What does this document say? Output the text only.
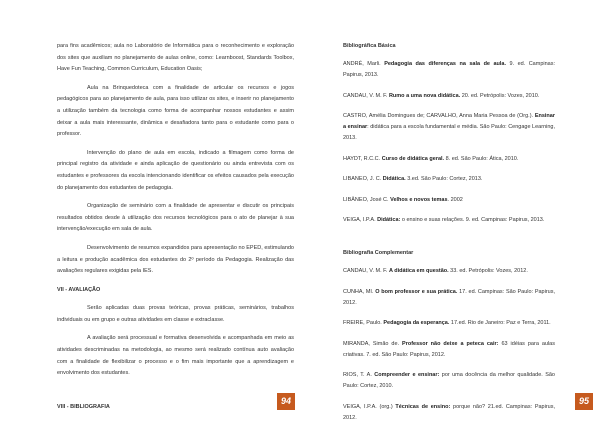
para fins acadêmicos; aula no Laboratório de Informática para o reconhecimento e exploração dos sites que auxiliam no planejamento de aulas online, como: Learnboost, Standards Toolbox, Have Fun Teaching, Common Curriculum, Education Oasis;

Aula na Brinquedoteca com a finalidade de articular os recursos e jogos pedagógicos para ao planejamento de aula, para isso utilizar os sites, e inserir no planejamento a utilização também da tecnologia como forma de acompanhar nossos estudantes e assim deixar a aula mais interessante, dinâmica e desafiadora tanto para o estudante como para o professor.

Intervenção do plano de aula em escola, indicado a filmagem como forma de principal registro da atividade e ainda aplicação de questionário ou ainda entrevista com os estudantes e professores da escola intencionando identificar os efeitos causados pela execução do planejamento dos estudantes de pedagogia.

Organização de seminário com a finalidade de apresentar e discutir os principais resultados obtidos desde à utilização dos recursos tecnológicos para o ato de planejar à sua intervenção/execução em sala de aula.

Desenvolvimento de resumos expandidos para apresentação no EPED, estimulando a leitura e produção acadêmica dos estudantes do 2º período da Pedagogia. Realização das avaliações regulares exigidas pela IES.

VII - AVALIAÇÃO

Serão aplicadas duas provas teóricas, provas práticas, seminários, trabalhos individuais ou em grupo e outras atividades em classe e extraclasse.

A avaliação será processual e formativa desenvolvida e acompanhada em meio as atividades descriminadas na metodologia, ao mesmo será realizado contínua auto avaliação com a finalidade de flexibilizar o processo e o fim mais importante que a aprendizagem e envolvimento dos estudantes.

VIII - BIBLIOGRAFIA
94
Bibliográfica Básica

ANDRÉ, Marli. Pedagogia das diferenças na sala de aula. 9. ed. Campinas: Papirus, 2013.

CANDAU, V. M. F. Rumo a uma nova didática. 20. ed. Petrópolis: Vozes, 2010.

CASTRO, Amélia Domingues de; CARVALHO, Anna Maria Pessoa de (Org.). Ensinar a ensinar: didática para a escola fundamental e média. São Paulo: Cengage Learning, 2013.

HAYDT, R.C.C. Curso de didática geral. 8. ed. São Paulo: Ática, 2010.

LIBANEO, J. C. Didática. 3.ed. São Paulo: Cortez, 2013.

LIBÂNEO, José C. Velhos e novos temas. 2002

VEIGA, I.P.A. Didática: o ensino e suas relações. 9. ed. Campinas: Papirus, 2013.

Bibliografia Complementar

CANDAU, V. M. F. A didática em questão. 33. ed. Petrópolis: Vozes, 2012.

CUNHA, MI. O bom professor e sua prática. 17. ed. Campinas: São Paulo: Papirus, 2012.

FREIRE, Paulo. Pedagogia da esperança. 17.ed. Rio de Janeiro: Paz e Terra, 2011.

MIRANDA, Simão de. Professor não deixe a peteca cair: 63 idéias para aulas criativas. 7. ed. São Paulo: Papirus, 2012.

RIOS, T. A. Compreender e ensinar: por uma docência da melhor qualidade. São Paulo: Cortez, 2010.

VEIGA, I.P.A. (org.) Técnicas de ensino: porque não? 21.ed. Campinas: Papirus, 2012.

95
